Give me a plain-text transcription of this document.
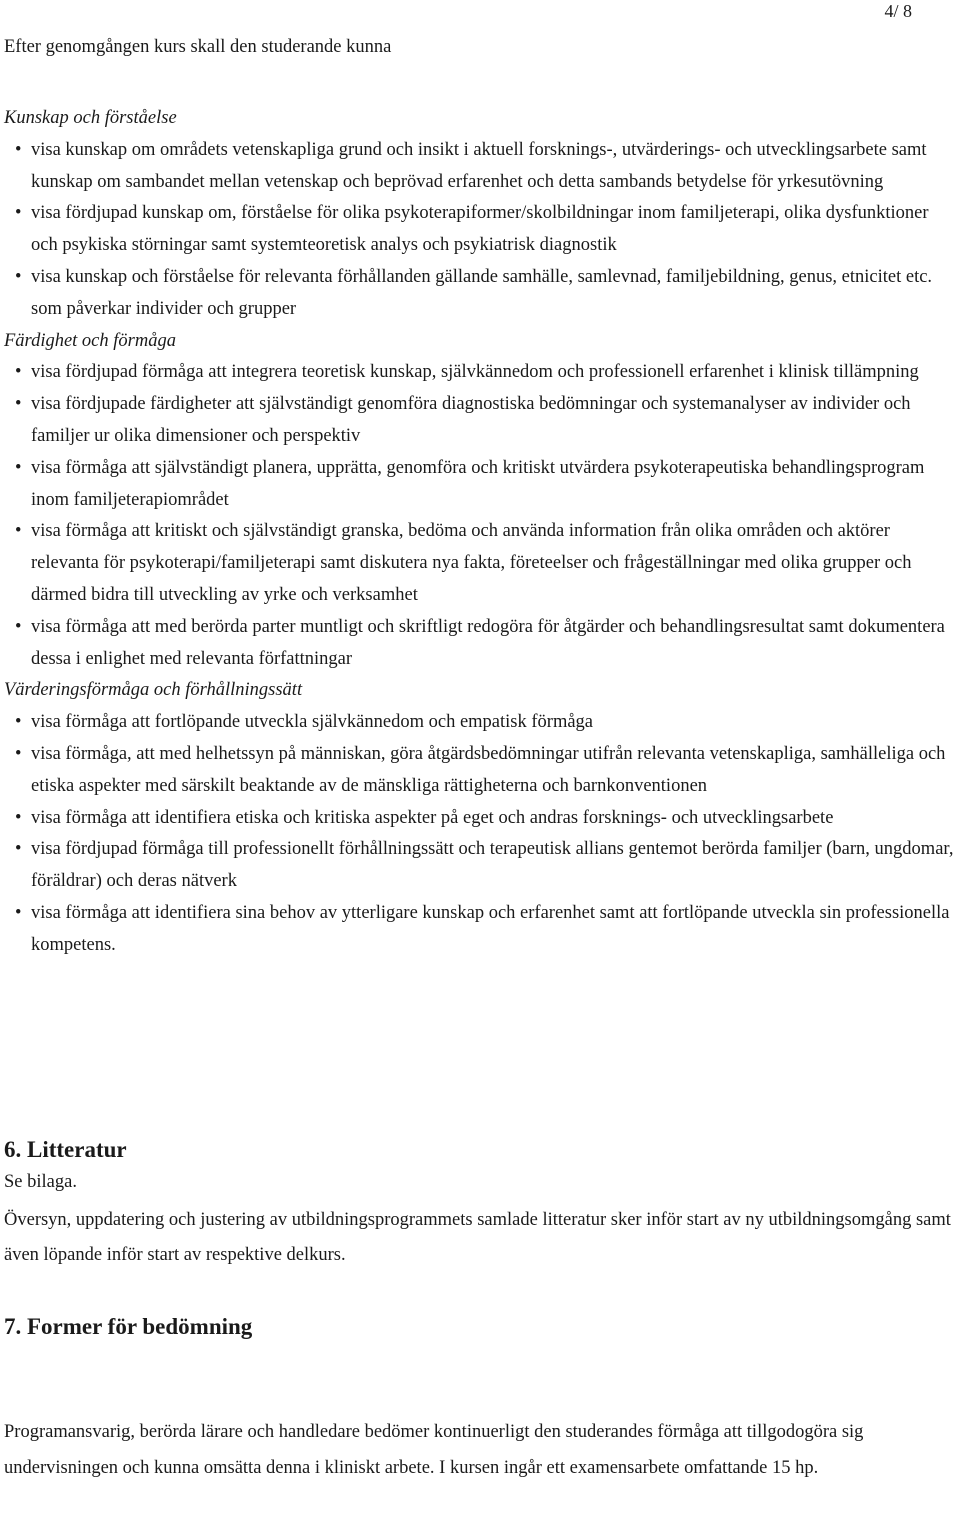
4/ 8
Efter genomgången kurs skall den studerande kunna
Kunskap och förståelse
• visa kunskap om områdets vetenskapliga grund och insikt i aktuell forsknings-, utvärderings- och utvecklingsarbete samt kunskap om sambandet mellan vetenskap och beprövad erfarenhet och detta sambands betydelse för yrkesutövning
• visa fördjupad kunskap om, förståelse för olika psykoterapiformer/skolbildningar inom familjeterapi, olika dysfunktioner och psykiska störningar samt systemteoretisk analys och psykiatrisk diagnostik
• visa kunskap och förståelse för relevanta förhållanden gällande samhälle, samlevnad, familjebildning, genus, etnicitet etc. som påverkar individer och grupper
Färdighet och förmåga
• visa fördjupad förmåga att integrera teoretisk kunskap, självkännedom och professionell erfarenhet i klinisk tillämpning
• visa fördjupade färdigheter att självständigt genomföra diagnostiska bedömningar och systemanalyser av individer och familjer ur olika dimensioner och perspektiv
• visa förmåga att självständigt planera, upprätta, genomföra och kritiskt utvärdera psykoterapeutiska behandlingsprogram inom familjeterapiområdet
• visa förmåga att kritiskt och självständigt granska, bedöma och använda information från olika områden och aktörer relevanta för psykoterapi/familjeterapi samt diskutera nya fakta, företeelser och frågeställningar med olika grupper och därmed bidra till utveckling av yrke och verksamhet
• visa förmåga att med berörda parter muntligt och skriftligt redogöra för åtgärder och behandlingsresultat samt dokumentera dessa i enlighet med relevanta författningar
Värderingsförmåga och förhållningssätt
• visa förmåga att fortlöpande utveckla självkännedom och empatisk förmåga
• visa förmåga, att med helhetssyn på människan, göra åtgärdsbedömningar utifrån relevanta vetenskapliga, samhälleliga och etiska aspekter med särskilt beaktande av de mänskliga rättigheterna och barnkonventionen
• visa förmåga att identifiera etiska och kritiska aspekter på eget och andras forsknings- och utvecklingsarbete
• visa fördjupad förmåga till professionellt förhållningssätt och terapeutisk allians gentemot berörda familjer (barn, ungdomar, föräldrar) och deras nätverk
• visa förmåga att identifiera sina behov av ytterligare kunskap och erfarenhet samt att fortlöpande utveckla sin professionella kompetens.
6. Litteratur
Se bilaga.
Översyn, uppdatering och justering av utbildningsprogrammets samlade litteratur sker inför start av ny utbildningsomgång samt även löpande inför start av respektive delkurs.
7. Former för bedömning
Programansvarig, berörda lärare och handledare bedömer kontinuerligt den studerandes förmåga att tillgodogöra sig undervisningen och kunna omsätta denna i kliniskt arbete. I kursen ingår ett examensarbete omfattande 15 hp.
